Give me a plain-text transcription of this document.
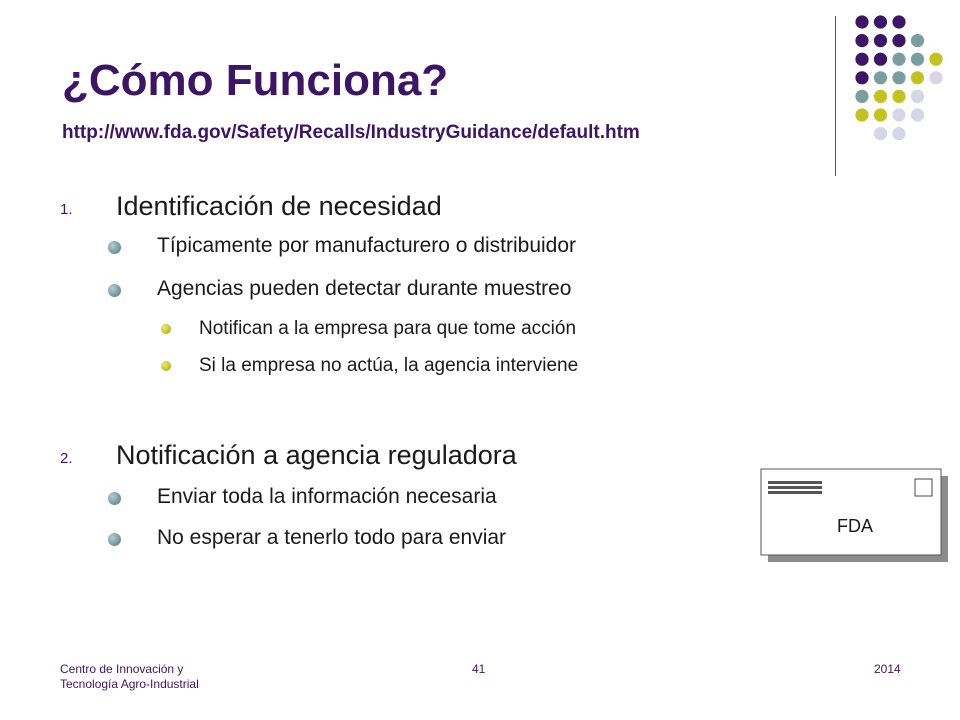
¿Cómo Funciona?
http://www.fda.gov/Safety/Recalls/IndustryGuidance/default.htm
1. Identificación de necesidad
Típicamente por manufacturero o distribuidor
Agencias pueden detectar durante muestreo
Notifican a la empresa para que tome acción
Si la empresa no actúa, la agencia interviene
2. Notificación a agencia reguladora
Enviar toda la información necesaria
No esperar a tenerlo todo para enviar	FDA
Centro de Innovación y
Tecnología Agro-Industrial
41	2014
